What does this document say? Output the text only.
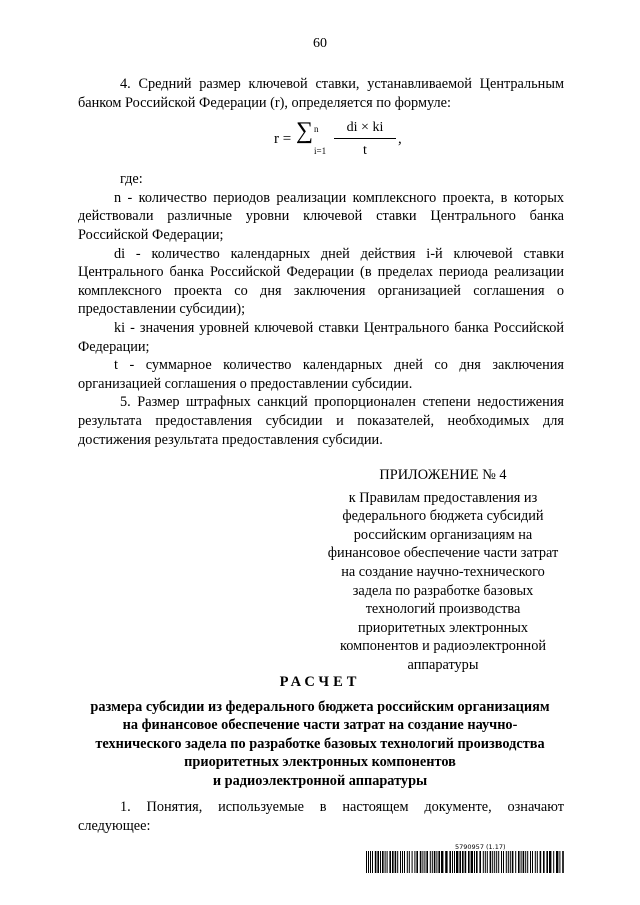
60

4. Средний размер ключевой ставки, устанавливаемой Центральным банком Российской Федерации (r), определяется по формуле:

r = ∑ n
i=1
di × ki
t
,

где:

n - количество периодов реализации комплексного проекта, в которых действовали различные уровни ключевой ставки Центрального банка Российской Федерации;

di - количество календарных дней действия i-й ключевой ставки Центрального банка Российской Федерации (в пределах периода реализации комплексного проекта со дня заключения организацией соглашения о предоставлении субсидии);

ki - значения уровней ключевой ставки Центрального банка Российской Федерации;

t - суммарное количество календарных дней со дня заключения организацией соглашения о предоставлении субсидии.

5. Размер штрафных санкций пропорционален степени недостижения результата предоставления субсидии и показателей, необходимых для достижения результата предоставления субсидии.

ПРИЛОЖЕНИЕ № 4
к Правилам предоставления из
федерального бюджета субсидий
российским организациям на
финансовое обеспечение части затрат
на создание научно-технического
задела по разработке базовых
технологий производства
приоритетных электронных
компонентов и радиоэлектронной
аппаратуры
РАСЧЕТ
размера субсидии из федерального бюджета российским организациям
на финансовое обеспечение части затрат на создание научно-
технического задела по разработке базовых технологий производства
приоритетных электронных компонентов
и радиоэлектронной аппаратуры

1. Понятия, используемые в настоящем документе, означают следующее:

5790957 (1.17)
